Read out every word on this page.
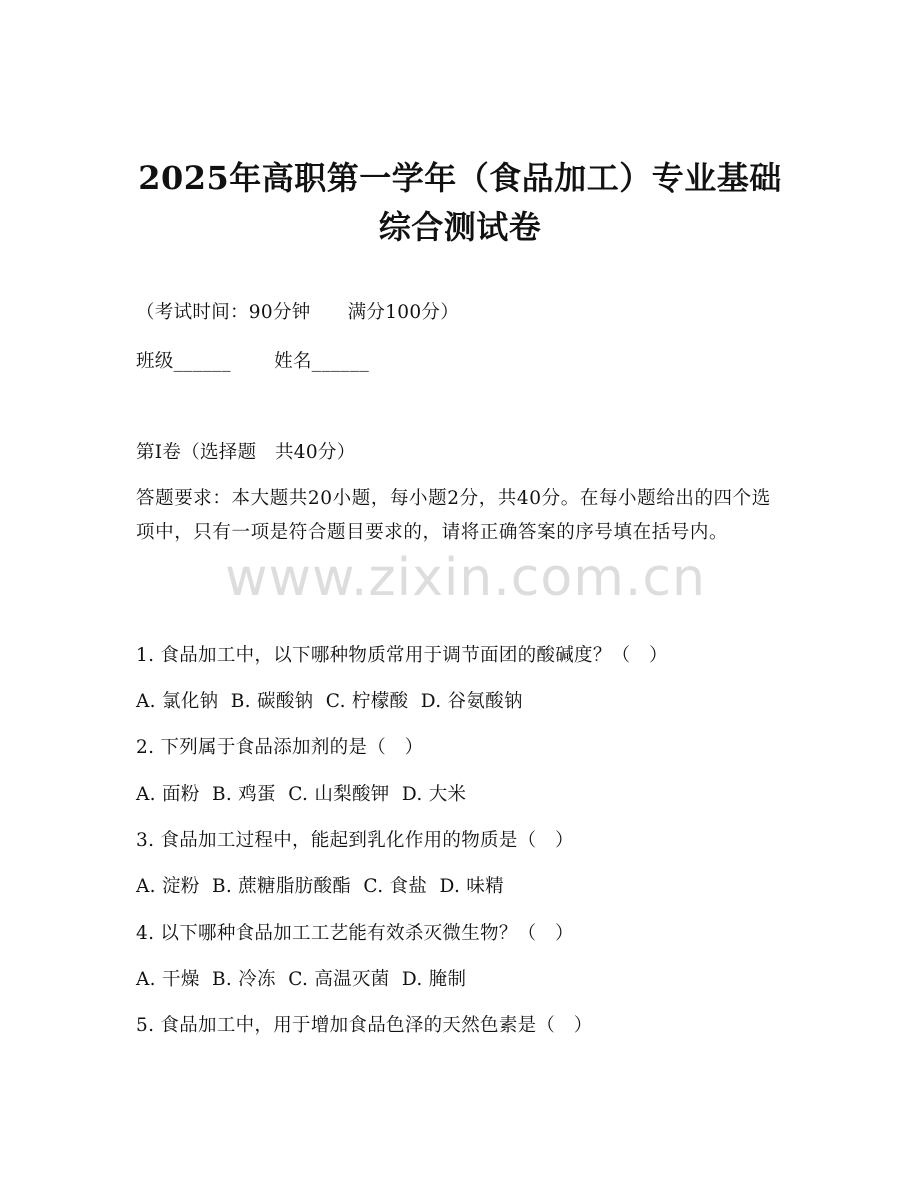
2025年高职第一学年（食品加工）专业基础
综合测试卷
（考试时间：90分钟      满分100分）
班级______       姓名______
第I卷（选择题   共40分）
答题要求：本大题共20小题，每小题2分，共40分。在每小题给出的四个选项中，只有一项是符合题目要求的，请将正确答案的序号填在括号内。
www.zixin.com.cn
1. 食品加工中，以下哪种物质常用于调节面团的酸碱度？（   ）
A. 氯化钠  B. 碳酸钠  C. 柠檬酸  D. 谷氨酸钠
2. 下列属于食品添加剂的是（   ）
A. 面粉  B. 鸡蛋  C. 山梨酸钾  D. 大米
3. 食品加工过程中，能起到乳化作用的物质是（   ）
A. 淀粉  B. 蔗糖脂肪酸酯  C. 食盐  D. 味精
4. 以下哪种食品加工工艺能有效杀灭微生物？（   ）
A. 干燥  B. 冷冻  C. 高温灭菌  D. 腌制
5. 食品加工中，用于增加食品色泽的天然色素是（   ）
